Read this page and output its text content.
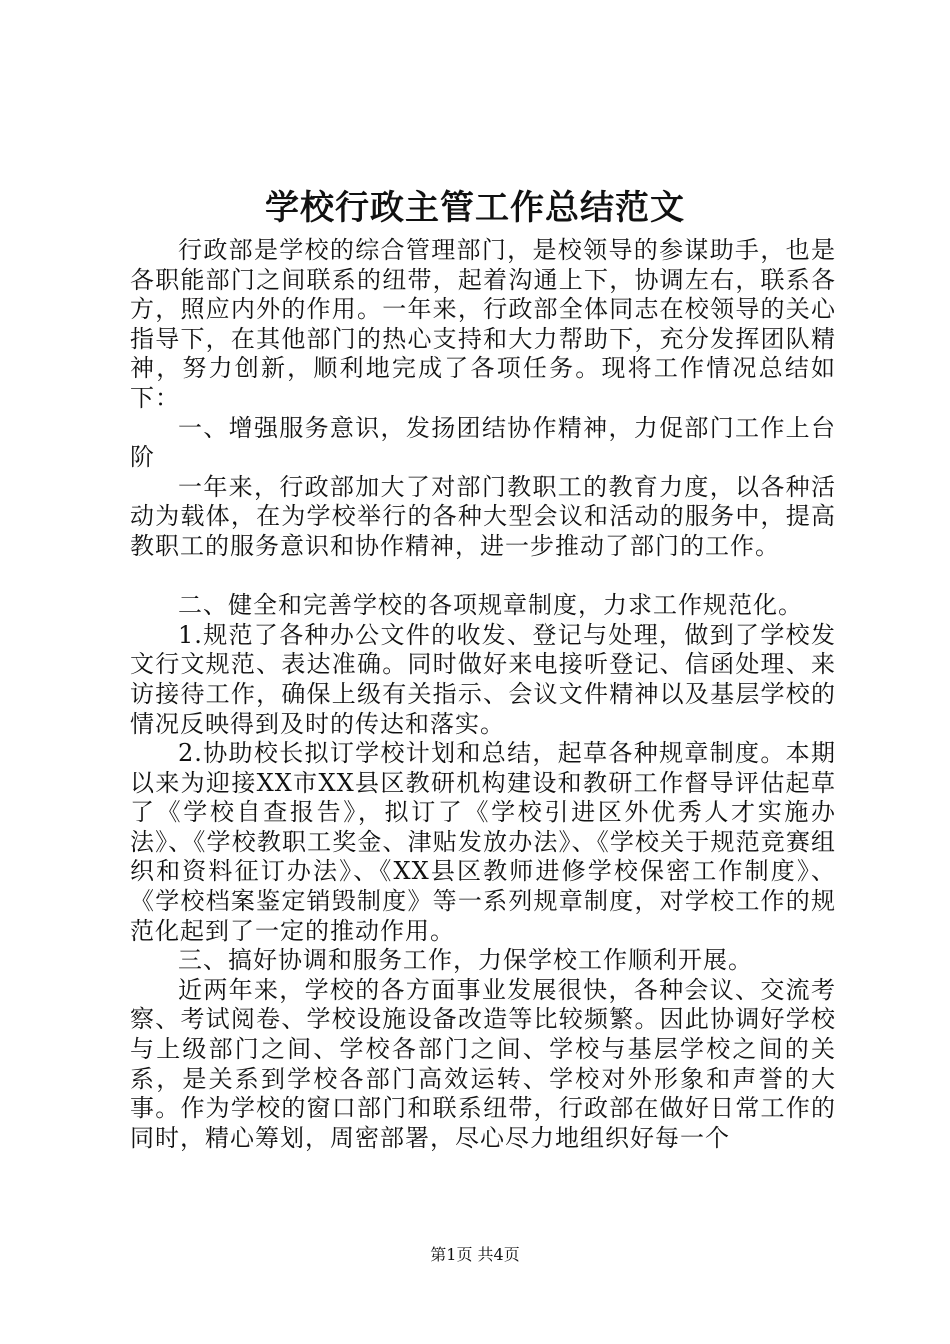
学校行政主管工作总结范文

行政部是学校的综合管理部门，是校领导的参谋助手，也是各职能部门之间联系的纽带，起着沟通上下，协调左右，联系各方，照应内外的作用。一年来，行政部全体同志在校领导的关心指导下，在其他部门的热心支持和大力帮助下，充分发挥团队精神，努力创新，顺利地完成了各项任务。现将工作情况总结如下：

一、增强服务意识，发扬团结协作精神，力促部门工作上台阶

一年来，行政部加大了对部门教职工的教育力度，以各种活动为载体，在为学校举行的各种大型会议和活动的服务中，提高教职工的服务意识和协作精神，进一步推动了部门的工作。

二、健全和完善学校的各项规章制度，力求工作规范化。

1.规范了各种办公文件的收发、登记与处理，做到了学校发文行文规范、表达准确。同时做好来电接听登记、信函处理、来访接待工作，确保上级有关指示、会议文件精神以及基层学校的情况反映得到及时的传达和落实。

2.协助校长拟订学校计划和总结，起草各种规章制度。本期以来为迎接XX市XX县区教研机构建设和教研工作督导评估起草了《学校自查报告》，拟订了《学校引进区外优秀人才实施办法》、《学校教职工奖金、津贴发放办法》、《学校关于规范竞赛组织和资料征订办法》、《XX县区教师进修学校保密工作制度》、《学校档案鉴定销毁制度》等一系列规章制度，对学校工作的规范化起到了一定的推动作用。

三、搞好协调和服务工作，力保学校工作顺利开展。

近两年来，学校的各方面事业发展很快，各种会议、交流考察、考试阅卷、学校设施设备改造等比较频繁。因此协调好学校与上级部门之间、学校各部门之间、学校与基层学校之间的关系，是关系到学校各部门高效运转、学校对外形象和声誉的大事。作为学校的窗口部门和联系纽带，行政部在做好日常工作的同时，精心筹划，周密部署，尽心尽力地组织好每一个

第1页 共4页
